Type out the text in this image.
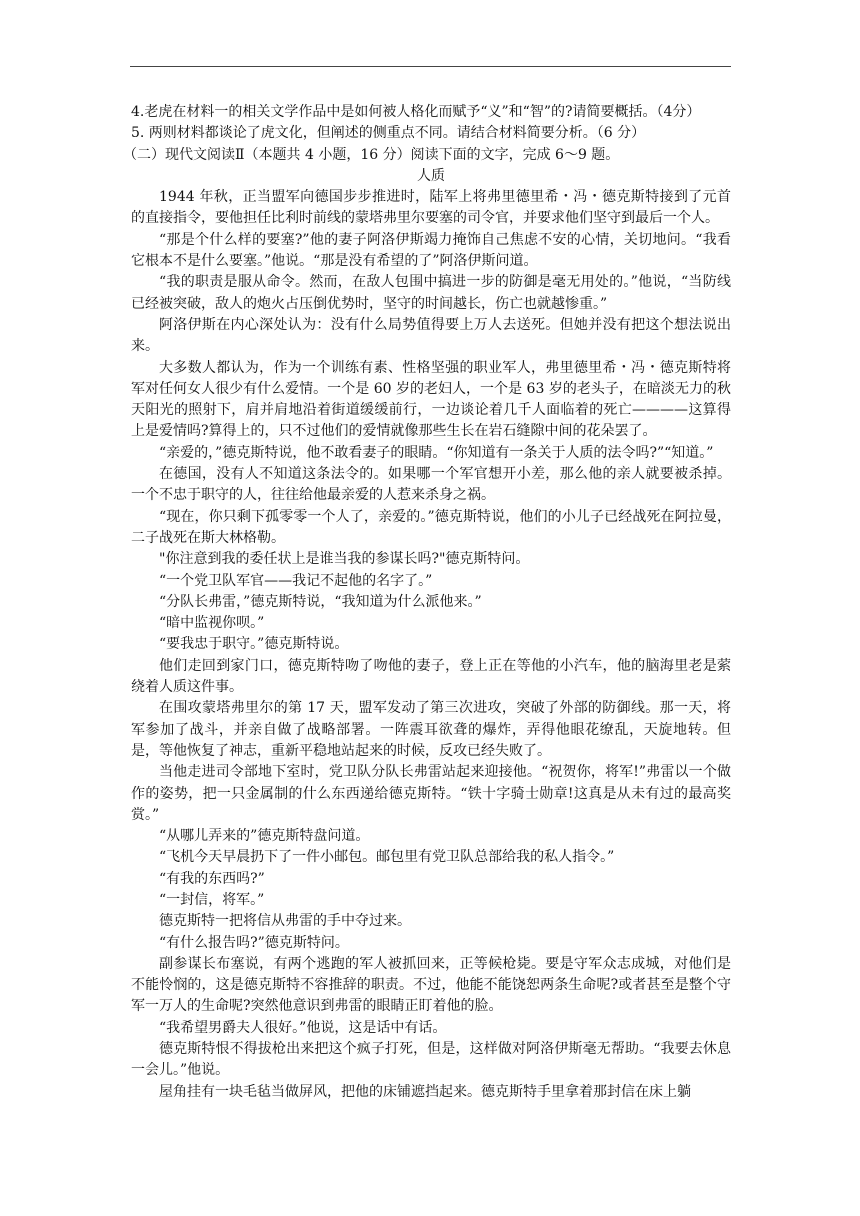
4.老虎在材料一的相关文学作品中是如何被人格化而赋予“义”和“智”的?请简要概括。（4分）

5. 两则材料都谈论了虎文化，但阐述的侧重点不同。请结合材料简要分析。（6 分）

（二）现代文阅读Ⅱ（本题共 4 小题，16 分）阅读下面的文字，完成 6～9 题。

人质

1944 年秋，正当盟军向德国步步推进时，陆军上将弗里德里希・冯・德克斯特接到了元首的直接指令，要他担任比利时前线的蒙塔弗里尔要塞的司令官，并要求他们坚守到最后一个人。

“那是个什么样的要塞?”他的妻子阿洛伊斯竭力掩饰自己焦虑不安的心情，关切地问。“我看它根本不是什么要塞。”他说。“那是没有希望的了”阿洛伊斯问道。

“我的职责是服从命令。然而，在敌人包围中搞进一步的防御是毫无用处的。”他说，“当防线已经被突破，敌人的炮火占压倒优势时，坚守的时间越长，伤亡也就越惨重。”

阿洛伊斯在内心深处认为：没有什么局势值得要上万人去送死。但她并没有把这个想法说出来。

大多数人都认为，作为一个训练有素、性格坚强的职业军人，弗里德里希・冯・德克斯特将军对任何女人很少有什么爱情。一个是 60 岁的老妇人，一个是 63 岁的老头子，在暗淡无力的秋天阳光的照射下，肩并肩地沿着街道缓缓前行，一边谈论着几千人面临着的死亡————这算得上是爱情吗?算得上的，只不过他们的爱情就像那些生长在岩石缝隙中间的花朵罢了。

“亲爱的，”德克斯特说，他不敢看妻子的眼睛。“你知道有一条关于人质的法令吗?”“知道。”

在德国，没有人不知道这条法令的。如果哪一个军官想开小差，那么他的亲人就要被杀掉。一个不忠于职守的人，往往给他最亲爱的人惹来杀身之祸。

“现在，你只剩下孤零零一个人了，亲爱的。”德克斯特说，他们的小儿子已经战死在阿拉曼，二子战死在斯大林格勒。

"你注意到我的委任状上是谁当我的参谋长吗?"德克斯特问。

“一个党卫队军官——我记不起他的名字了。”

“分队长弗雷，”德克斯特说，“我知道为什么派他来。”

“暗中监视你呗。”

“要我忠于职守。”德克斯特说。

他们走回到家门口，德克斯特吻了吻他的妻子，登上正在等他的小汽车，他的脑海里老是萦绕着人质这件事。

在围攻蒙塔弗里尔的第 17 天，盟军发动了第三次进攻，突破了外部的防御线。那一天，将军参加了战斗，并亲自做了战略部署。一阵震耳欲聋的爆炸，弄得他眼花缭乱，天旋地转。但是，等他恢复了神志，重新平稳地站起来的时候，反攻已经失败了。

当他走进司令部地下室时，党卫队分队长弗雷站起来迎接他。“祝贺你，将军!”弗雷以一个做作的姿势，把一只金属制的什么东西递给德克斯特。“铁十字骑士勋章!这真是从未有过的最高奖赏。”

“从哪儿弄来的”德克斯特盘问道。

“飞机今天早晨扔下了一件小邮包。邮包里有党卫队总部给我的私人指令。”

“有我的东西吗?”

“一封信，将军。”

德克斯特一把将信从弗雷的手中夺过来。

“有什么报告吗?”德克斯特问。

副参谋长布塞说，有两个逃跑的军人被抓回来，正等候枪毙。要是守军众志成城，对他们是不能怜悯的，这是德克斯特不容推辞的职责。不过，他能不能饶恕两条生命呢?或者甚至是整个守军一万人的生命呢?突然他意识到弗雷的眼睛正盯着他的脸。

“我希望男爵夫人很好。”他说，这是话中有话。

德克斯特恨不得拔枪出来把这个疯子打死，但是，这样做对阿洛伊斯毫无帮助。“我要去休息一会儿。”他说。

屋角挂有一块毛毡当做屏风，把他的床铺遮挡起来。德克斯特手里拿着那封信在床上躺
